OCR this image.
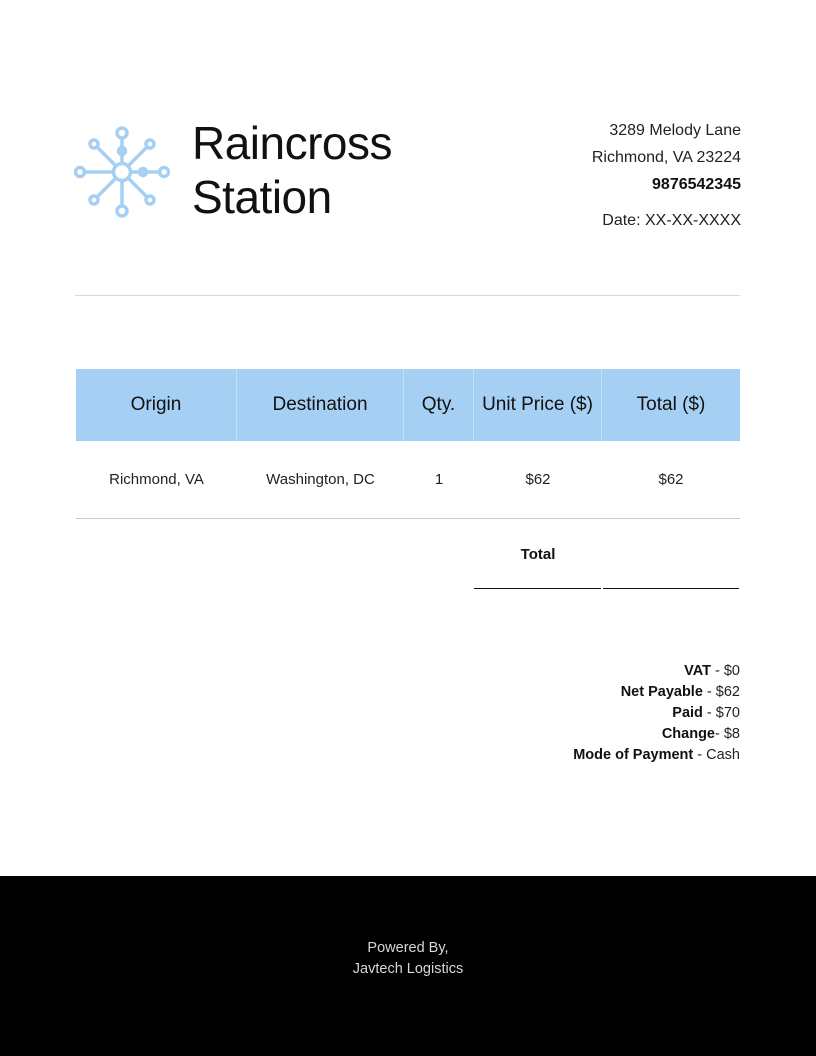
Raincross
Station
3289 Melody Lane
Richmond, VA 23224
9876542345
Date: XX-XX-XXXX
Origin	Destination	Qty.	Unit Price ($)	Total ($)
Richmond, VA	Washington, DC	1	$62	$62
Total
VAT - $0
Net Payable - $62
Paid - $70
Change- $8
Mode of Payment - Cash
Powered By,
Javtech Logistics
